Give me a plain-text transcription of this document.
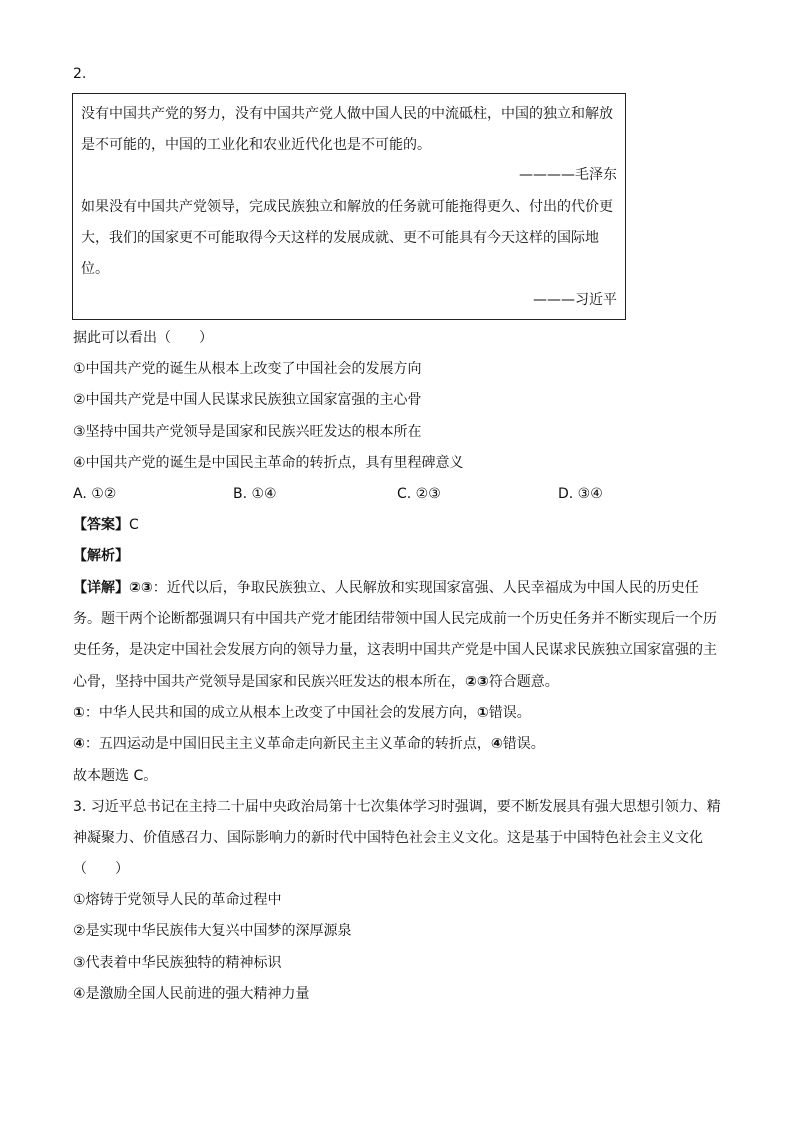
2.
没有中国共产党的努力，没有中国共产党人做中国人民的中流砥柱，中国的独立和解放
是不可能的，中国的工业化和农业近代化也是不可能的。
————毛泽东
如果没有中国共产党领导，完成民族独立和解放的任务就可能拖得更久、付出的代价更
大，我们的国家更不可能取得今天这样的发展成就、更不可能具有今天这样的国际地
位。
———习近平
据此可以看出（　　）
①中国共产党的诞生从根本上改变了中国社会的发展方向
②中国共产党是中国人民谋求民族独立国家富强的主心骨
③坚持中国共产党领导是国家和民族兴旺发达的根本所在
④中国共产党的诞生是中国民主革命的转折点，具有里程碑意义
A. ①②	B. ①④	C. ②③	D. ③④
【答案】C
【解析】
【详解】②③：近代以后，争取民族独立、人民解放和实现国家富强、人民幸福成为中国人民的历史任
务。题干两个论断都强调只有中国共产党才能团结带领中国人民完成前一个历史任务并不断实现后一个历
史任务，是决定中国社会发展方向的领导力量，这表明中国共产党是中国人民谋求民族独立国家富强的主
心骨，坚持中国共产党领导是国家和民族兴旺发达的根本所在，②③符合题意。
①：中华人民共和国的成立从根本上改变了中国社会的发展方向，①错误。
④：五四运动是中国旧民主主义革命走向新民主主义革命的转折点，④错误。
故本题选 C。
3. 习近平总书记在主持二十届中央政治局第十七次集体学习时强调，要不断发展具有强大思想引领力、精
神凝聚力、价值感召力、国际影响力的新时代中国特色社会主义文化。这是基于中国特色社会主义文化
（　　）
①熔铸于党领导人民的革命过程中
②是实现中华民族伟大复兴中国梦的深厚源泉
③代表着中华民族独特的精神标识
④是激励全国人民前进的强大精神力量
